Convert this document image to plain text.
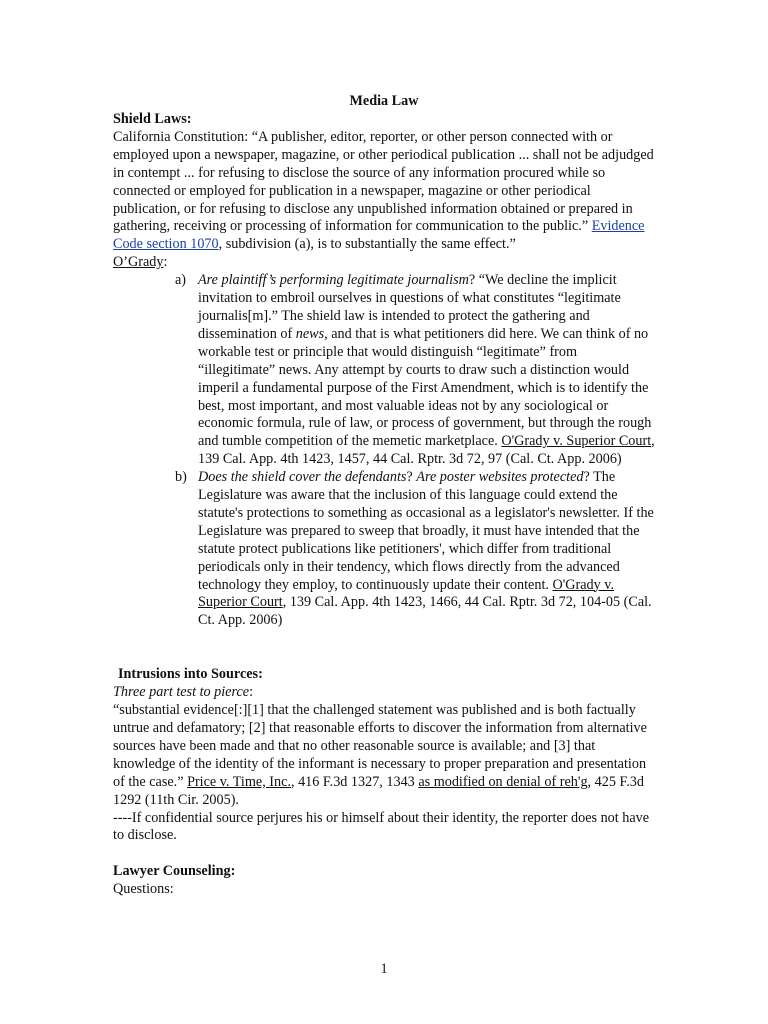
Media Law
Shield Laws:

California Constitution: “A publisher, editor, reporter, or other person connected with or employed upon a newspaper, magazine, or other periodical publication ... shall not be adjudged in contempt ... for refusing to disclose the source of any information procured while so connected or employed for publication in a newspaper, magazine or other periodical publication, or for refusing to disclose any unpublished information obtained or prepared in gathering, receiving or processing of information for communication to the public.” Evidence Code section 1070, subdivision (a), is to substantially the same effect.”

O’Grady:

a) Are plaintiff’s performing legitimate journalism? “We decline the implicit invitation to embroil ourselves in questions of what constitutes “legitimate journalis[m].” The shield law is intended to protect the gathering and dissemination of news, and that is what petitioners did here. We can think of no workable test or principle that would distinguish “legitimate” from “illegitimate” news. Any attempt by courts to draw such a distinction would imperil a fundamental purpose of the First Amendment, which is to identify the best, most important, and most valuable ideas not by any sociological or economic formula, rule of law, or process of government, but through the rough and tumble competition of the memetic marketplace. O'Grady v. Superior Court, 139 Cal. App. 4th 1423, 1457, 44 Cal. Rptr. 3d 72, 97 (Cal. Ct. App. 2006)
b) Does the shield cover the defendants? Are poster websites protected? The Legislature was aware that the inclusion of this language could extend the statute's protections to something as occasional as a legislator's newsletter. If the Legislature was prepared to sweep that broadly, it must have intended that the statute protect publications like petitioners', which differ from traditional periodicals only in their tendency, which flows directly from the advanced technology they employ, to continuously update their content. O'Grady v. Superior Court, 139 Cal. App. 4th 1423, 1466, 44 Cal. Rptr. 3d 72, 104-05 (Cal. Ct. App. 2006)
Intrusions into Sources:

Three part test to pierce:

“substantial evidence[:][1] that the challenged statement was published and is both factually untrue and defamatory; [2] that reasonable efforts to discover the information from alternative sources have been made and that no other reasonable source is available; and [3] that knowledge of the identity of the informant is necessary to proper preparation and presentation of the case.” Price v. Time, Inc., 416 F.3d 1327, 1343 as modified on denial of reh'g, 425 F.3d 1292 (11th Cir. 2005).

----If confidential source perjures his or himself about their identity, the reporter does not have to disclose.

Lawyer Counseling:

Questions:

1
